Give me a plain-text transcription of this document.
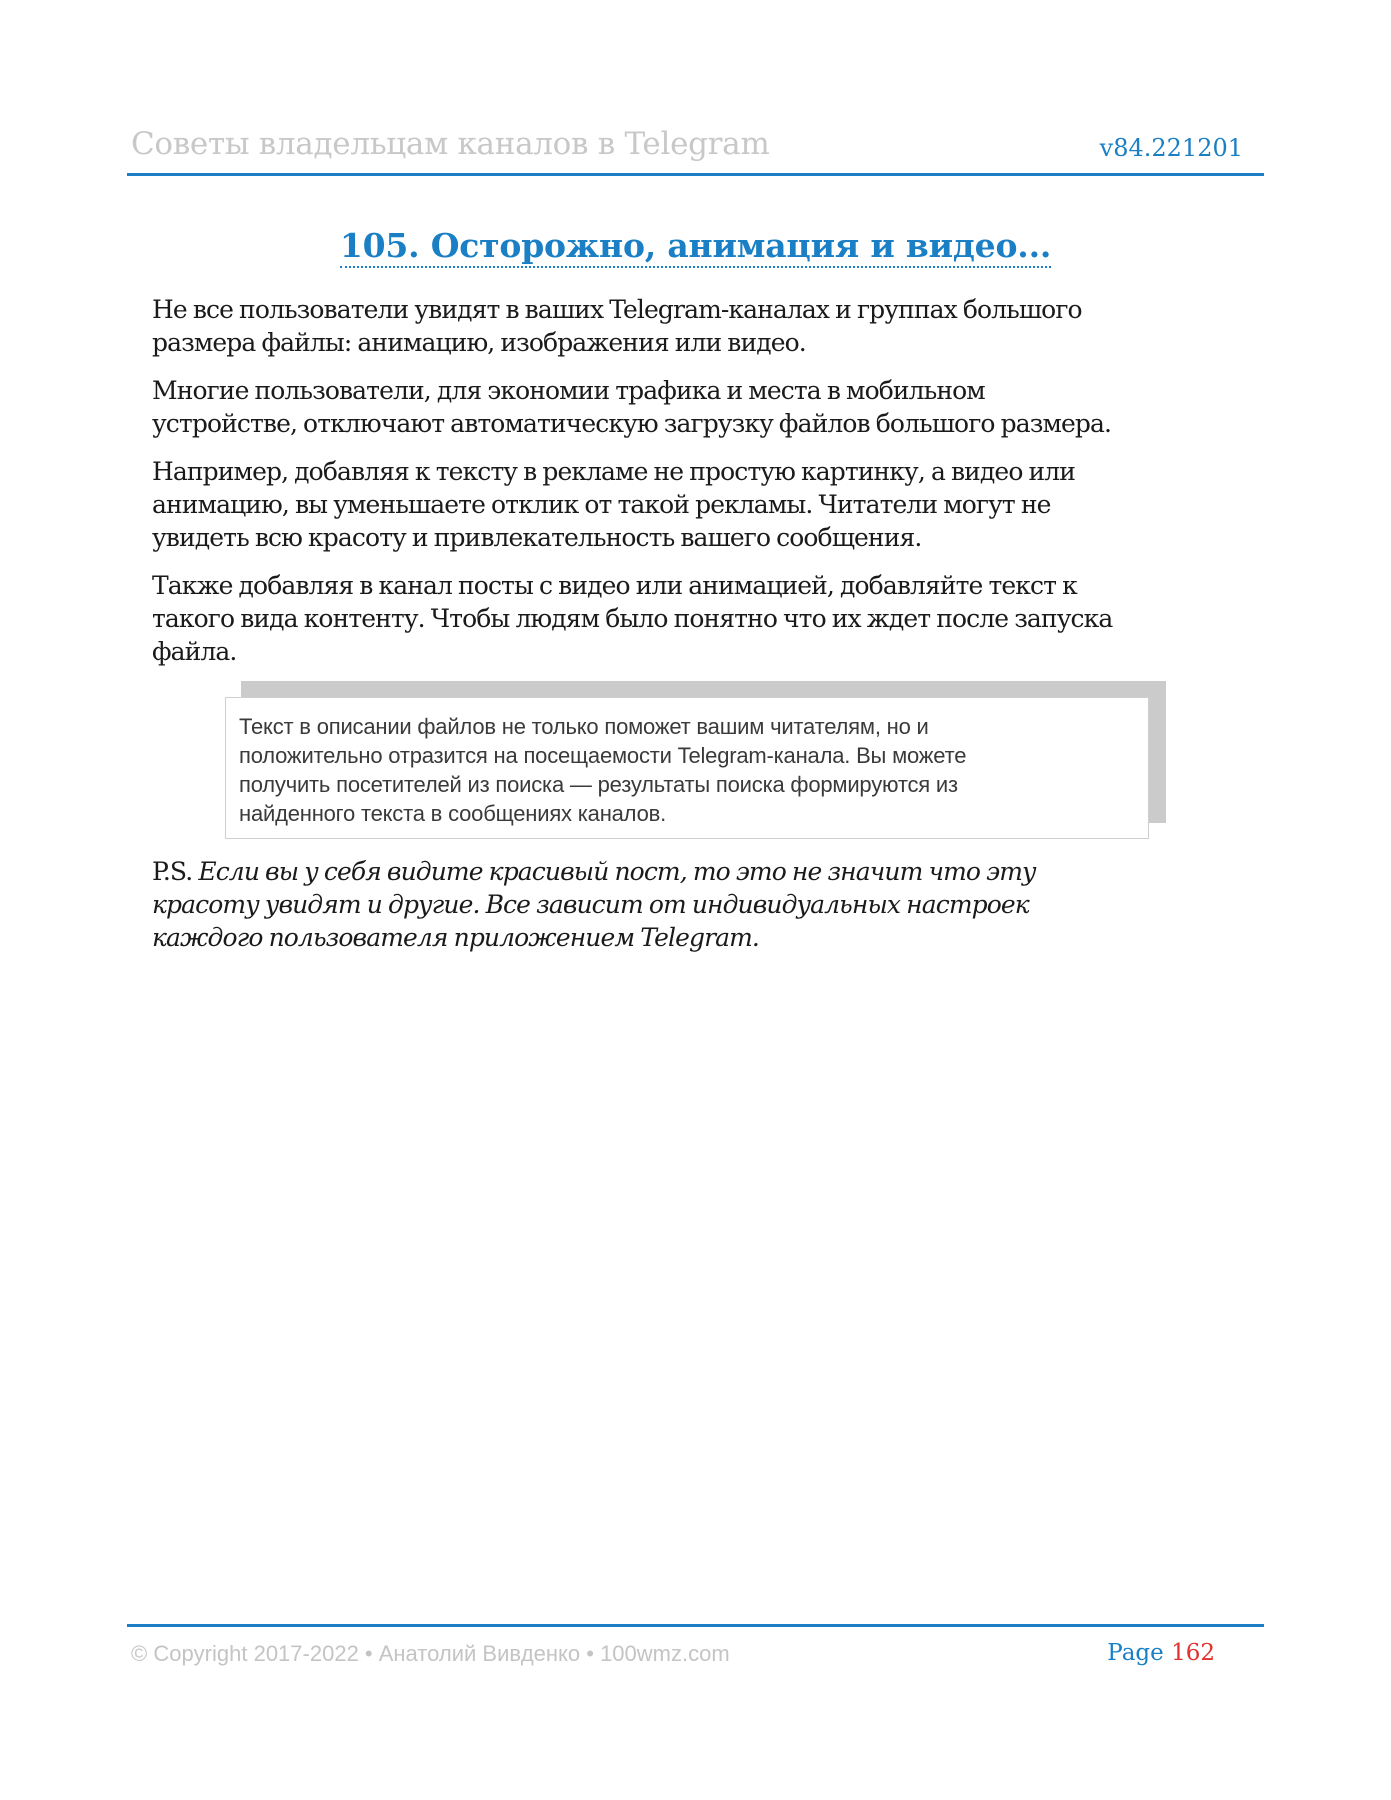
Советы владельцам каналов в Telegram	v84.221201
105. Осторожно, анимация и видео...

Не все пользователи увидят в ваших Telegram-каналах и группах большого

размера файлы: анимацию, изображения или видео.

Многие пользователи, для экономии трафика и места в мобильном

устройстве, отключают автоматическую загрузку файлов большого размера.

Например, добавляя к тексту в рекламе не простую картинку, а видео или

анимацию, вы уменьшаете отклик от такой рекламы. Читатели могут не

увидеть всю красоту и привлекательность вашего сообщения.

Также добавляя в канал посты с видео или анимацией, добавляйте текст к

такого вида контенту. Чтобы людям было понятно что их ждет после запуска

файла.

Текст в описании файлов не только поможет вашим читателям, но и
положительно отразится на посещаемости Telegram-канала. Вы можете
получить посетителей из поиска — результаты поиска формируются из
найденного текста в сообщениях каналов.
P.S. Если вы у себя видите красивый пост, то это не значит что эту
красоту увидят и другие. Все зависит от индивидуальных настроек
каждого пользователя приложением Telegram.
© Copyright 2017-2022 • Анатолий Вивденко • 100wmz.com	Page 162
